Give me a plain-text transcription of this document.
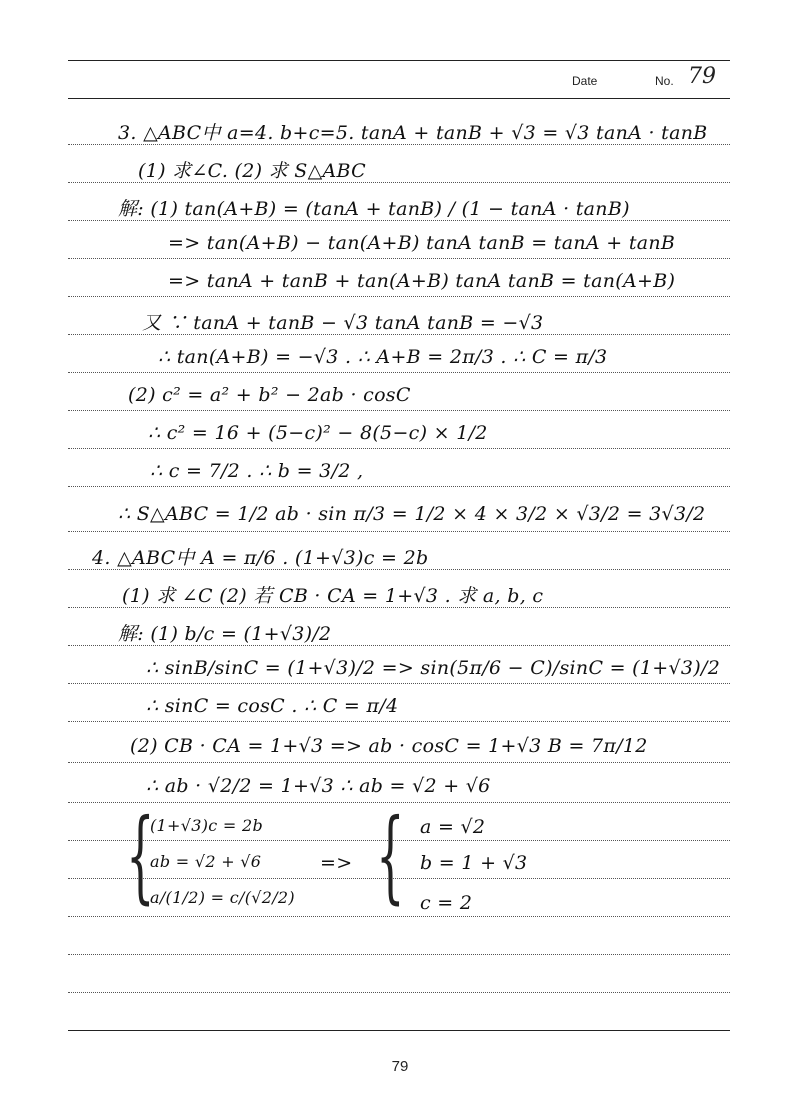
Date	No. 79
3. △ABC中 a=4. b+c=5. tanA + tanB + √3 = √3 tanA · tanB
(1) 求∠C. (2) 求 S△ABC
解: (1) tan(A+B) = (tanA + tanB) / (1 − tanA · tanB)
=> tan(A+B) − tan(A+B) tanA tanB = tanA + tanB
=> tanA + tanB + tan(A+B) tanA tanB = tan(A+B)
又 ∵ tanA + tanB − √3 tanA tanB = −√3
∴ tan(A+B) = −√3 . ∴ A+B = 2π/3 . ∴ C = π/3
(2) c² = a² + b² − 2ab · cosC
∴ c² = 16 + (5−c)² − 8(5−c) × 1/2
∴ c = 7/2 . ∴ b = 3/2 ,
∴ S△ABC = 1/2 ab · sin π/3 = 1/2 × 4 × 3/2 × √3/2 = 3√3/2
4. △ABC中 A = π/6 . (1+√3)c = 2b
(1) 求 ∠C (2) 若 CB · CA = 1+√3 . 求 a, b, c
解: (1) b/c = (1+√3)/2
∴ sinB/sinC = (1+√3)/2 => sin(5π/6 − C)/sinC = (1+√3)/2
∴ sinC = cosC . ∴ C = π/4
(2) CB · CA = 1+√3 => ab · cosC = 1+√3 B = 7π/12
∴ ab · √2/2 = 1+√3 ∴ ab = √2 + √6
{
(1+√3)c = 2b
ab = √2 + √6
a/(1/2) = c/(√2/2)
=> { a = √2
b = 1 + √3
c = 2
79
